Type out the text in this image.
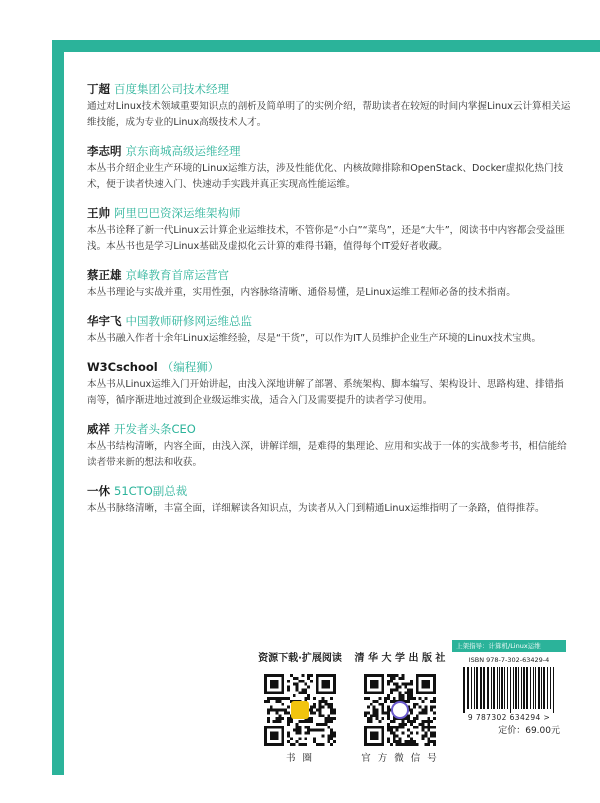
丁超 百度集团公司技术经理
通过对Linux技术领域重要知识点的剖析及简单明了的实例介绍，帮助读者在较短的时间内掌握Linux云计算相关运维技能，成为专业的Linux高级技术人才。
李志明 京东商城高级运维经理
本丛书介绍企业生产环境的Linux运维方法，涉及性能优化、内核故障排除和OpenStack、Docker虚拟化热门技术，便于读者快速入门、快速动手实践并真正实现高性能运维。
王帅 阿里巴巴资深运维架构师
本丛书诠释了新一代Linux云计算企业运维技术，不管你是“小白”“菜鸟”，还是“大牛”，阅读书中内容都会受益匪浅。本丛书也是学习Linux基础及虚拟化云计算的难得书籍，值得每个IT爱好者收藏。
蔡正雄 京峰教育首席运营官
本丛书理论与实战并重，实用性强，内容脉络清晰、通俗易懂，是Linux运维工程师必备的技术指南。
华宇飞 中国教师研修网运维总监
本丛书融入作者十余年Linux运维经验，尽是“干货”，可以作为IT人员维护企业生产环境的Linux技术宝典。
W3Cschool （编程狮）
本丛书从Linux运维入门开始讲起，由浅入深地讲解了部署、系统架构、脚本编写、架构设计、思路构建、排错指南等，循序渐进地过渡到企业级运维实战，适合入门及需要提升的读者学习使用。
威祥 开发者头条CEO
本丛书结构清晰，内容全面，由浅入深，讲解详细，是难得的集理论、应用和实战于一体的实战参考书，相信能给读者带来新的想法和收获。
一休 51CTO副总裁
本丛书脉络清晰，丰富全面，详细解读各知识点，为读者从入门到精通Linux运维指明了一条路，值得推荐。
资源下载·扩展阅读
书 圈
清 华 大 学 出 版 社
官 方 微 信 号
上架指导：计算机/Linux运维
ISBN 978-7-302-63429-4
9 787302 634294 >
定价：69.00元
